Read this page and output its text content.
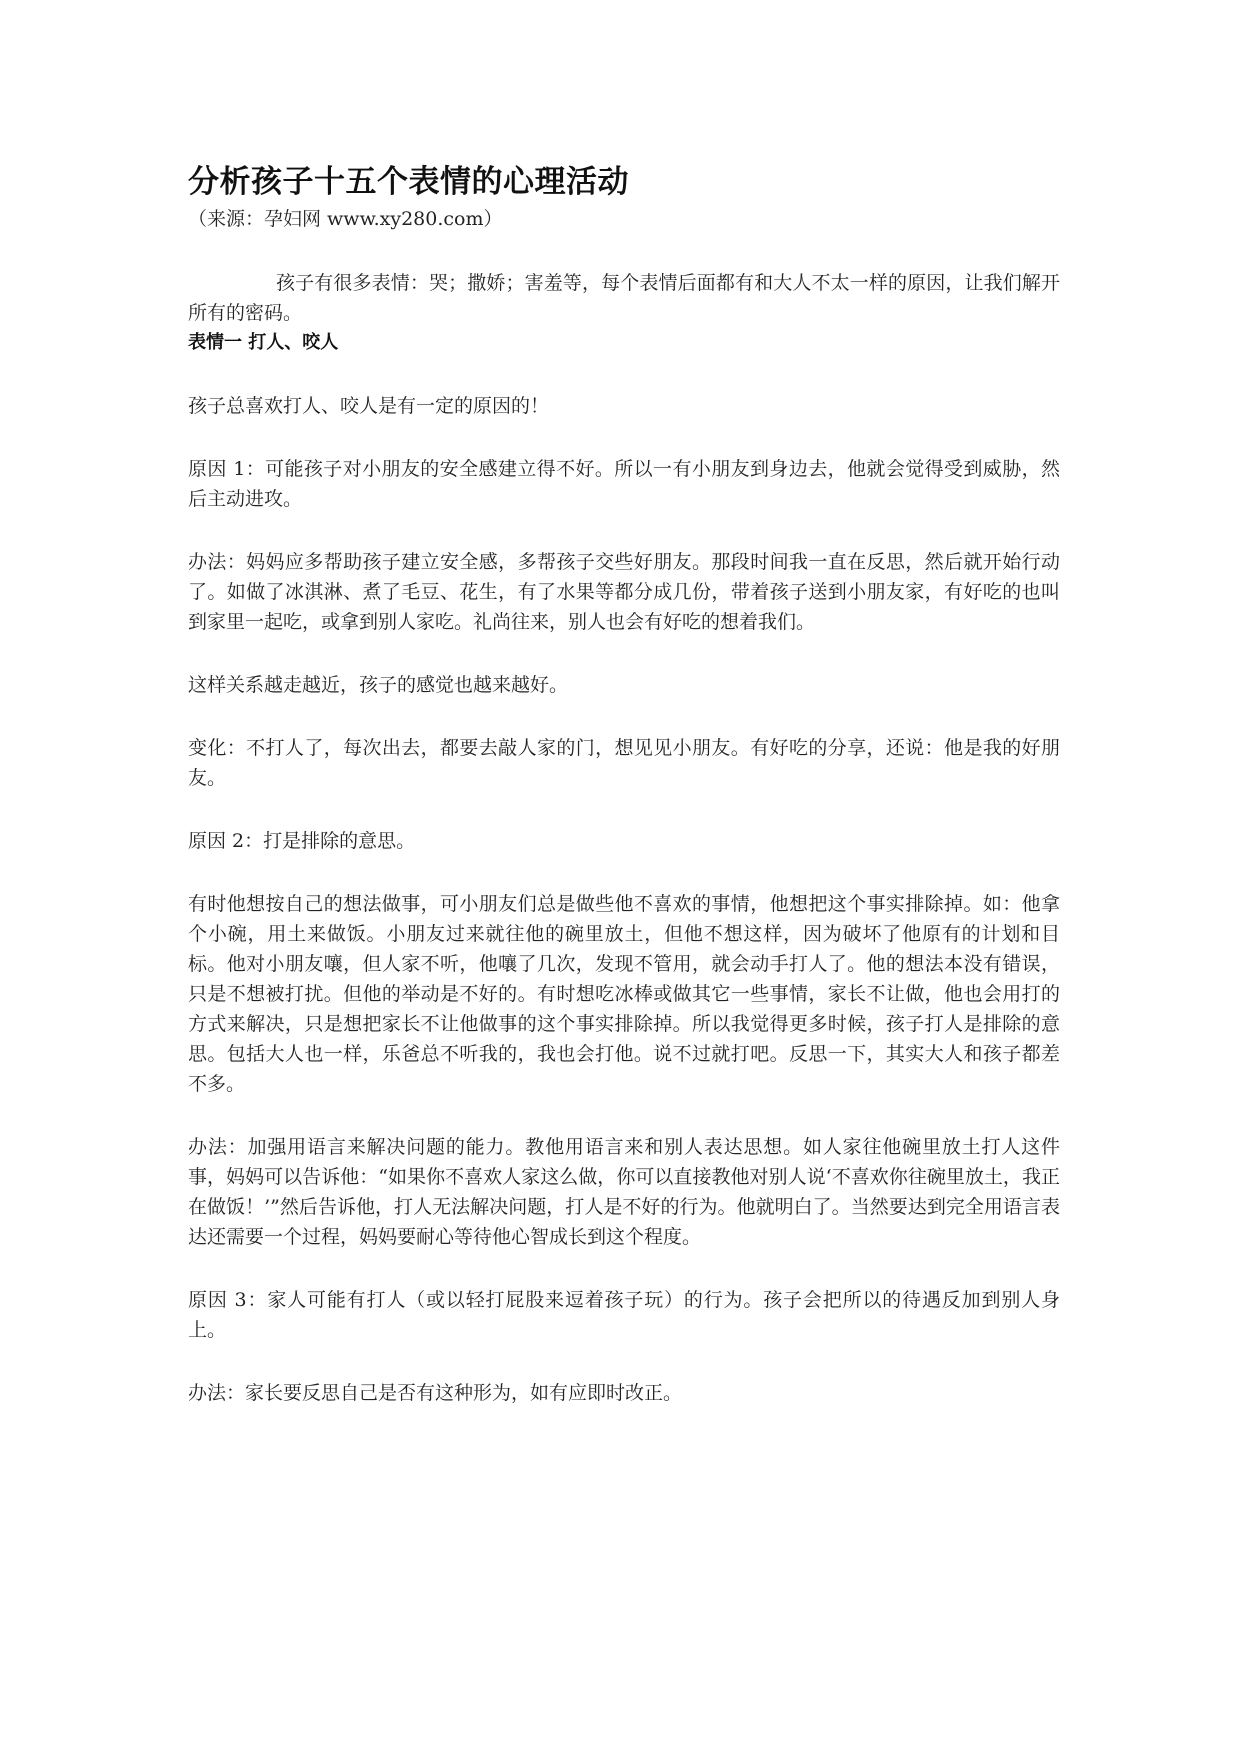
分析孩子十五个表情的心理活动

（来源：孕妇网 www.xy280.com）

孩子有很多表情：哭；撒娇；害羞等，每个表情后面都有和大人不太一样的原因，让我们解开所有的密码。

表情一 打人、咬人

孩子总喜欢打人、咬人是有一定的原因的！

原因 1：可能孩子对小朋友的安全感建立得不好。所以一有小朋友到身边去，他就会觉得受到威胁，然后主动进攻。

办法：妈妈应多帮助孩子建立安全感，多帮孩子交些好朋友。那段时间我一直在反思，然后就开始行动了。如做了冰淇淋、煮了毛豆、花生，有了水果等都分成几份，带着孩子送到小朋友家，有好吃的也叫到家里一起吃，或拿到别人家吃。礼尚往来，别人也会有好吃的想着我们。

这样关系越走越近，孩子的感觉也越来越好。

变化：不打人了，每次出去，都要去敲人家的门，想见见小朋友。有好吃的分享，还说：他是我的好朋友。

原因 2：打是排除的意思。

有时他想按自己的想法做事，可小朋友们总是做些他不喜欢的事情，他想把这个事实排除掉。如：他拿个小碗，用土来做饭。小朋友过来就往他的碗里放土，但他不想这样，因为破坏了他原有的计划和目标。他对小朋友嚷，但人家不听，他嚷了几次，发现不管用，就会动手打人了。他的想法本没有错误，只是不想被打扰。但他的举动是不好的。有时想吃冰棒或做其它一些事情，家长不让做，他也会用打的方式来解决，只是想把家长不让他做事的这个事实排除掉。所以我觉得更多时候，孩子打人是排除的意思。包括大人也一样，乐爸总不听我的，我也会打他。说不过就打吧。反思一下，其实大人和孩子都差不多。

办法：加强用语言来解决问题的能力。教他用语言来和别人表达思想。如人家往他碗里放土打人这件事，妈妈可以告诉他：“如果你不喜欢人家这么做，你可以直接教他对别人说‘不喜欢你往碗里放土，我正在做饭！’”然后告诉他，打人无法解决问题，打人是不好的行为。他就明白了。当然要达到完全用语言表达还需要一个过程，妈妈要耐心等待他心智成长到这个程度。

原因 3：家人可能有打人（或以轻打屁股来逗着孩子玩）的行为。孩子会把所以的待遇反加到别人身上。

办法：家长要反思自己是否有这种形为，如有应即时改正。
